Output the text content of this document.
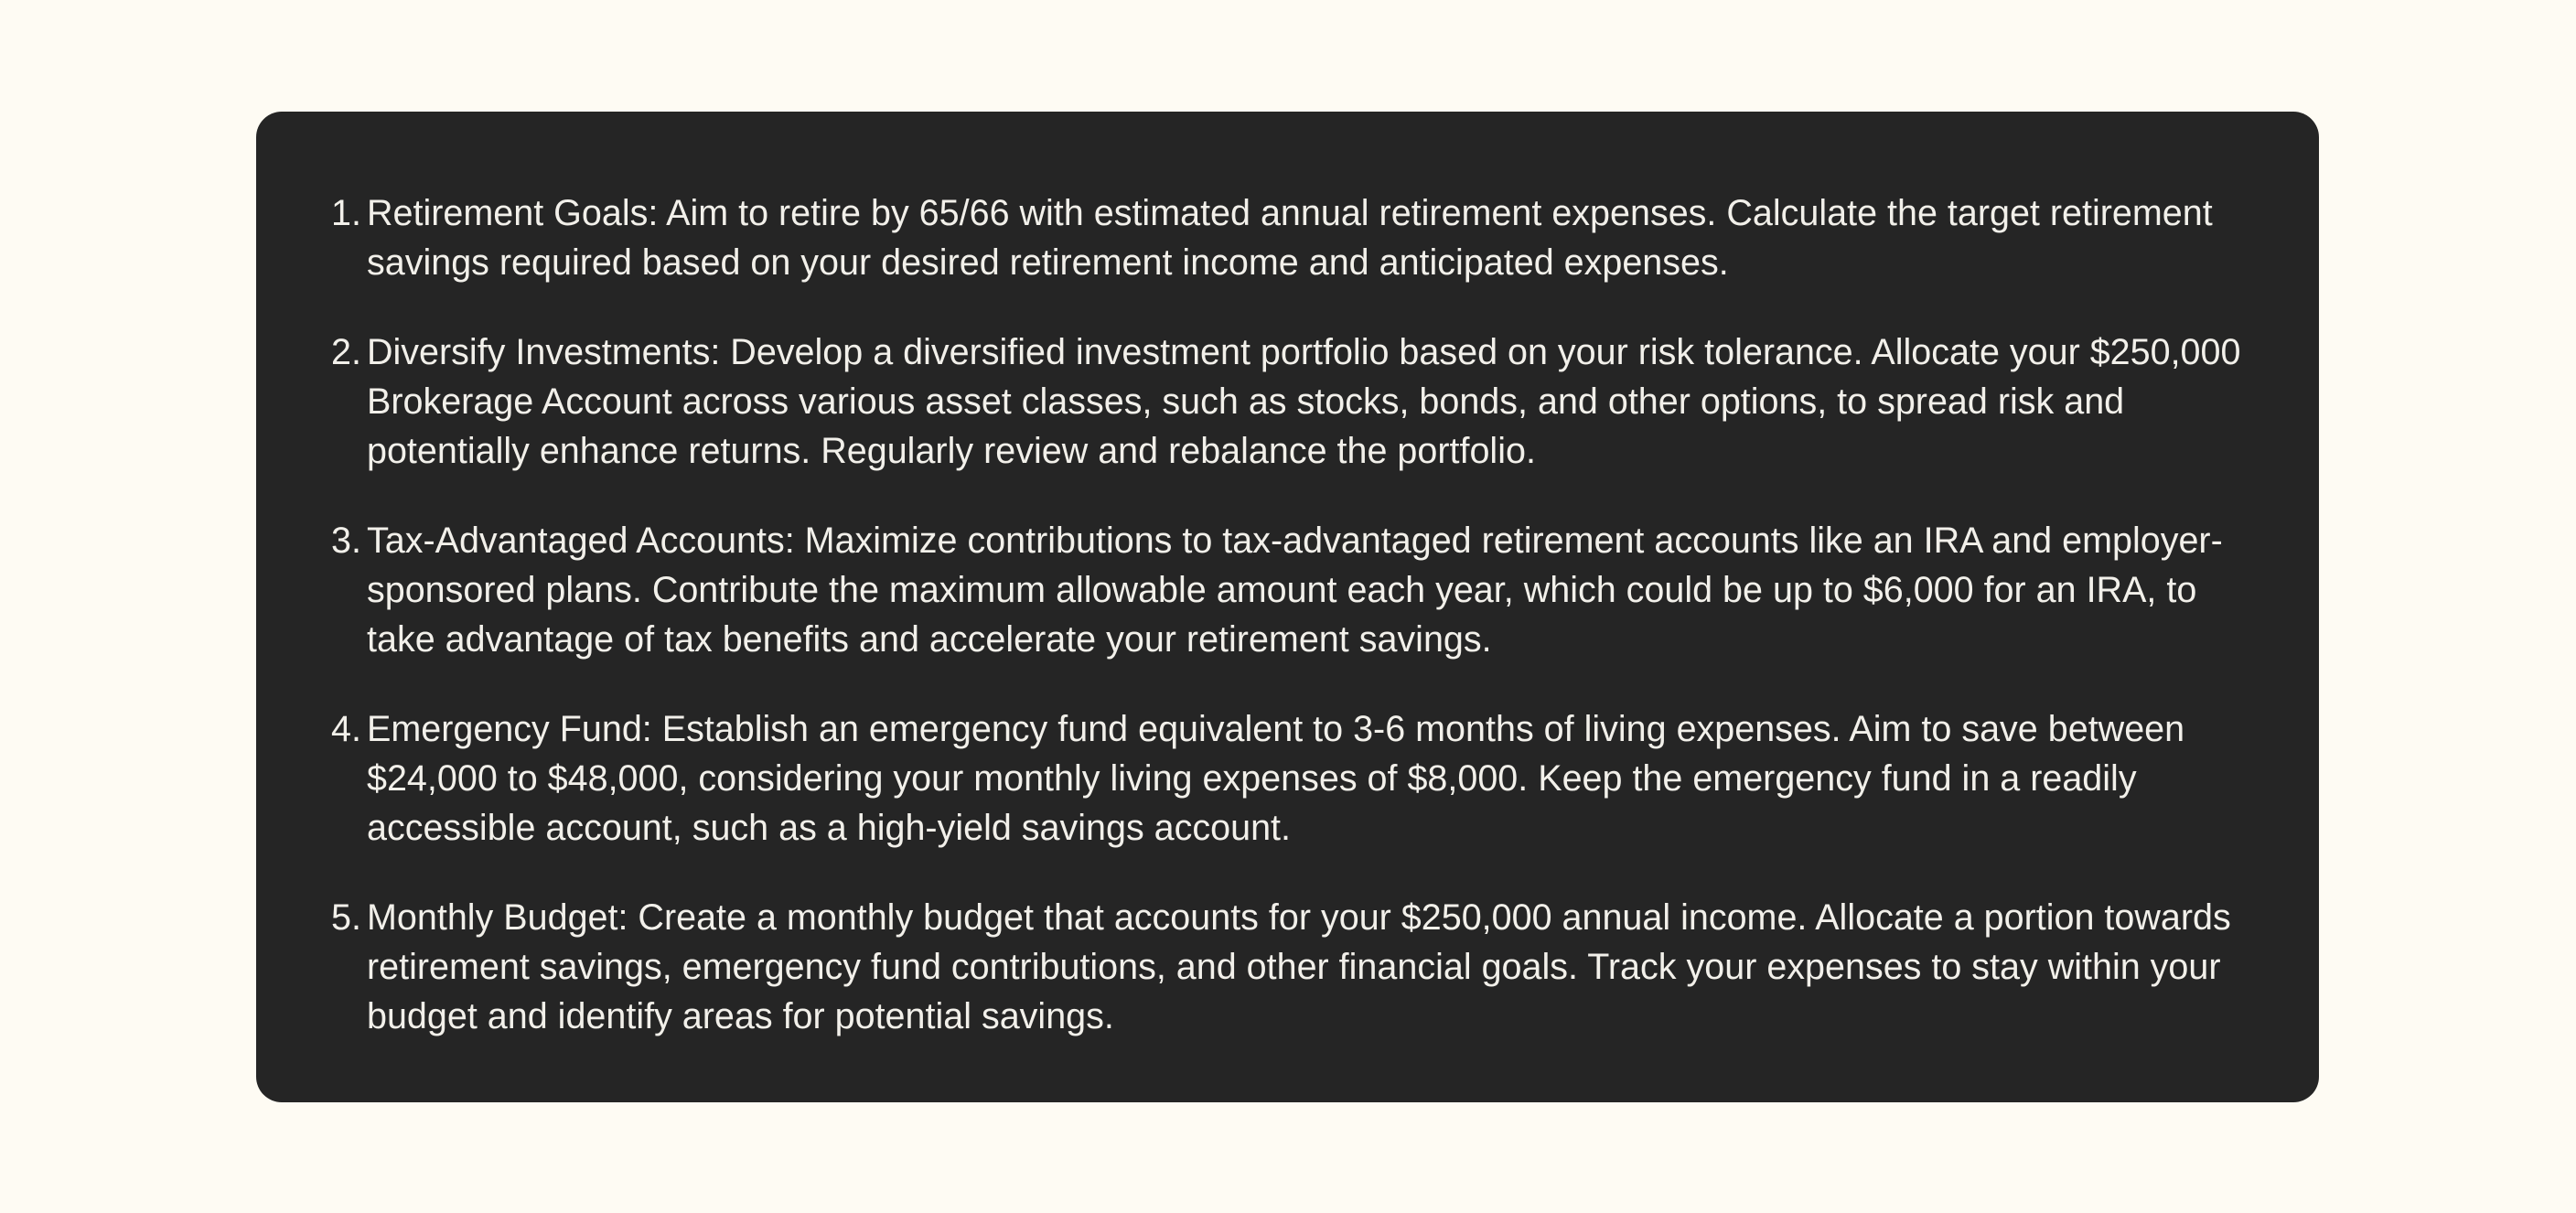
1. Retirement Goals: Aim to retire by 65/66 with estimated annual retirement expenses. Calculate the target retirement savings required based on your desired retirement income and anticipated expenses.
2. Diversify Investments: Develop a diversified investment portfolio based on your risk tolerance. Allocate your $250,000 Brokerage Account across various asset classes, such as stocks, bonds, and other options, to spread risk and potentially enhance returns. Regularly review and rebalance the portfolio.
3. Tax-Advantaged Accounts: Maximize contributions to tax-advantaged retirement accounts like an IRA and employer-sponsored plans. Contribute the maximum allowable amount each year, which could be up to $6,000 for an IRA, to take advantage of tax benefits and accelerate your retirement savings.
4. Emergency Fund: Establish an emergency fund equivalent to 3-6 months of living expenses. Aim to save between $24,000 to $48,000, considering your monthly living expenses of $8,000. Keep the emergency fund in a readily accessible account, such as a high-yield savings account.
5. Monthly Budget: Create a monthly budget that accounts for your $250,000 annual income. Allocate a portion towards retirement savings, emergency fund contributions, and other financial goals. Track your expenses to stay within your budget and identify areas for potential savings.
